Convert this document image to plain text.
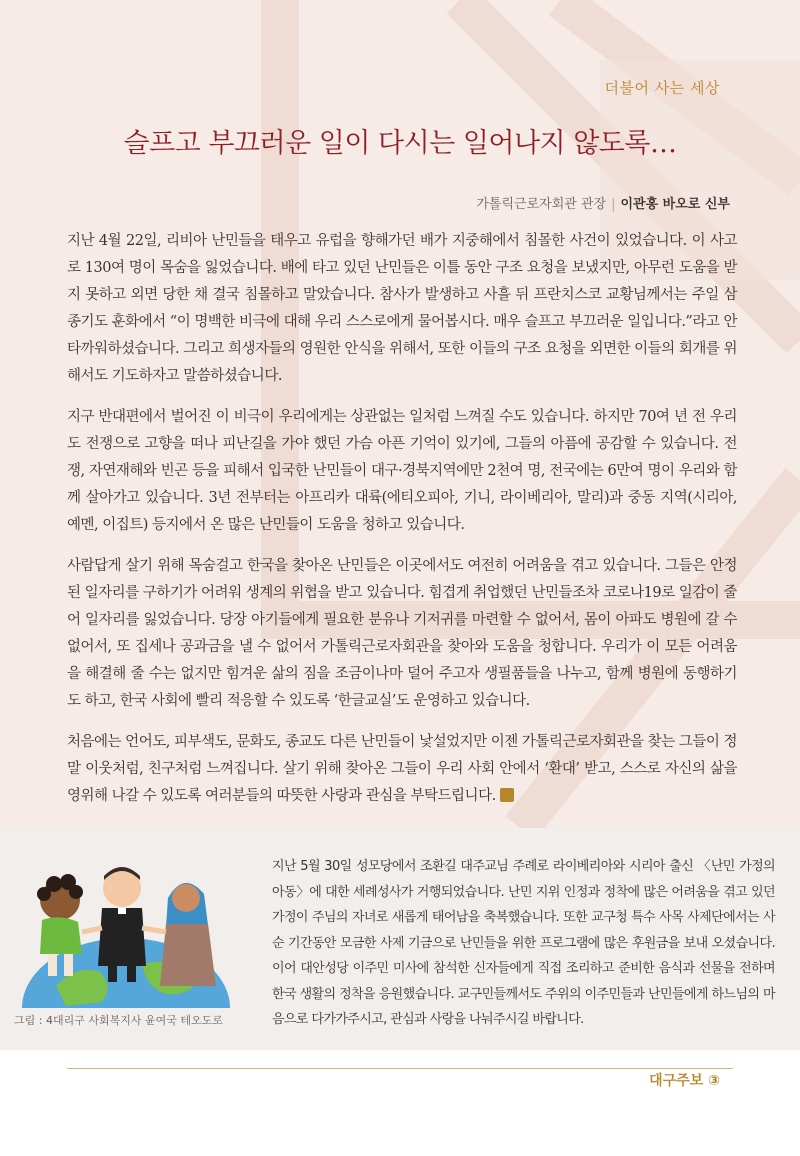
더불어 사는 세상
슬프고 부끄러운 일이 다시는 일어나지 않도록…
가톨릭근로자회관 관장 | 이관홍 바오로 신부

지난 4월 22일, 리비아 난민들을 태우고 유럽을 향해가던 배가 지중해에서 침몰한 사건이 있었습니다. 이 사고로 130여 명이 목숨을 잃었습니다. 배에 타고 있던 난민들은 이틀 동안 구조 요청을 보냈지만, 아무런 도움을 받지 못하고 외면 당한 채 결국 침몰하고 말았습니다. 참사가 발생하고 사흘 뒤 프란치스코 교황님께서는 주일 삼종기도 훈화에서 “이 명백한 비극에 대해 우리 스스로에게 물어봅시다. 매우 슬프고 부끄러운 일입니다.”라고 안타까워하셨습니다. 그리고 희생자들의 영원한 안식을 위해서, 또한 이들의 구조 요청을 외면한 이들의 회개를 위해서도 기도하자고 말씀하셨습니다.

지구 반대편에서 벌어진 이 비극이 우리에게는 상관없는 일처럼 느껴질 수도 있습니다. 하지만 70여 년 전 우리도 전쟁으로 고향을 떠나 피난길을 가야 했던 가슴 아픈 기억이 있기에, 그들의 아픔에 공감할 수 있습니다. 전쟁, 자연재해와 빈곤 등을 피해서 입국한 난민들이 대구·경북지역에만 2천여 명, 전국에는 6만여 명이 우리와 함께 살아가고 있습니다. 3년 전부터는 아프리카 대륙(에티오피아, 기니, 라이베리아, 말리)과 중동 지역(시리아, 예멘, 이집트) 등지에서 온 많은 난민들이 도움을 청하고 있습니다.

사람답게 살기 위해 목숨걸고 한국을 찾아온 난민들은 이곳에서도 여전히 어려움을 겪고 있습니다. 그들은 안정된 일자리를 구하기가 어려워 생계의 위협을 받고 있습니다. 힘겹게 취업했던 난민들조차 코로나19로 일감이 줄어 일자리를 잃었습니다. 당장 아기들에게 필요한 분유나 기저귀를 마련할 수 없어서, 몸이 아파도 병원에 갈 수 없어서, 또 집세나 공과금을 낼 수 없어서 가톨릭근로자회관을 찾아와 도움을 청합니다. 우리가 이 모든 어려움을 해결해 줄 수는 없지만 힘겨운 삶의 짐을 조금이나마 덜어 주고자 생필품들을 나누고, 함께 병원에 동행하기도 하고, 한국 사회에 빨리 적응할 수 있도록 ‘한글교실’도 운영하고 있습니다.

처음에는 언어도, 피부색도, 문화도, 종교도 다른 난민들이 낯설었지만 이젠 가톨릭근로자회관을 찾는 그들이 정말 이웃처럼, 친구처럼 느껴집니다. 살기 위해 찾아온 그들이 우리 사회 안에서 ‘환대’ 받고, 스스로 자신의 삶을 영위해 나갈 수 있도록 여러분들의 따뜻한 사랑과 관심을 부탁드립니다.

그림 : 4대리구 사회복지사 윤여국 테오도로
지난 5월 30일 성모당에서 조환길 대주교님 주례로 라이베리아와 시리아 출신 〈난민 가정의 아동〉에 대한 세례성사가 거행되었습니다. 난민 지위 인정과 정착에 많은 어려움을 겪고 있던 가정이 주님의 자녀로 새롭게 태어남을 축복했습니다. 또한 교구청 특수 사목 사제단에서는 사순 기간동안 모금한 사제 기금으로 난민들을 위한 프로그램에 많은 후원금을 보내 오셨습니다. 이어 대안성당 이주민 미사에 참석한 신자들에게 직접 조리하고 준비한 음식과 선물을 전하며 한국 생활의 정착을 응원했습니다. 교구민들께서도 주위의 이주민들과 난민들에게 하느님의 마음으로 다가가주시고, 관심과 사랑을 나눠주시길 바랍니다.
대구주보 ③
